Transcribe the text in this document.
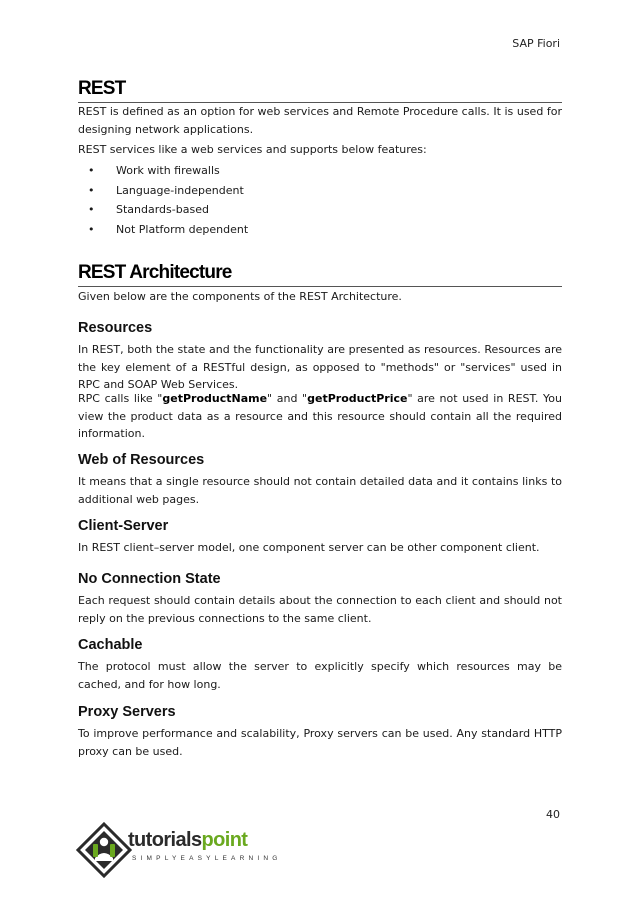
SAP Fiori
REST

REST is defined as an option for web services and Remote Procedure calls. It is used for designing network applications.

REST services like a web services and supports below features:

• Work with firewalls
• Language-independent
• Standards-based
• Not Platform dependent
REST Architecture

Given below are the components of the REST Architecture.

Resources

In REST, both the state and the functionality are presented as resources. Resources are the key element of a RESTful design, as opposed to "methods" or "services" used in RPC and SOAP Web Services.

RPC calls like "getProductName" and "getProductPrice" are not used in REST. You view the product data as a resource and this resource should contain all the required information.

Web of Resources

It means that a single resource should not contain detailed data and it contains links to additional web pages.

Client-Server

In REST client–server model, one component server can be other component client.

No Connection State

Each request should contain details about the connection to each client and should not reply on the previous connections to the same client.

Cachable

The protocol must allow the server to explicitly specify which resources may be cached, and for how long.

Proxy Servers

To improve performance and scalability, Proxy servers can be used. Any standard HTTP proxy can be used.

40
tutorialspoint
SIMPLYEASYLEARNING
